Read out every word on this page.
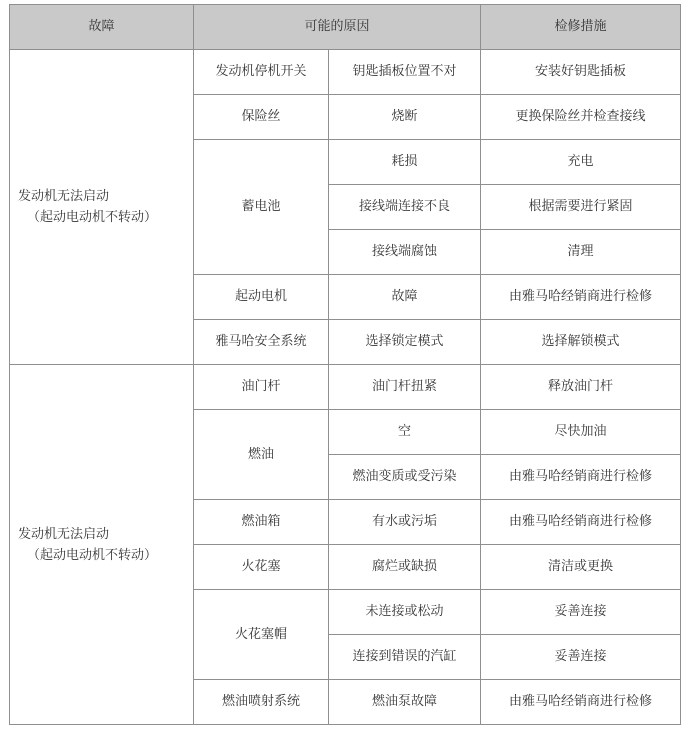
故障	可能的原因		检修措施
发动机无法启动
（起动电动机不转动）	发动机停机开关	钥匙插板位置不对	安装好钥匙插板
	保险丝	烧断	更换保险丝并检查接线
	蓄电池	耗损	充电
		接线端连接不良	根据需要进行紧固
		接线端腐蚀	清理
	起动电机	故障	由雅马哈经销商进行检修
	雅马哈安全系统	选择锁定模式	选择解锁模式
发动机无法启动
（起动电动机不转动）	油门杆	油门杆扭紧	释放油门杆
	燃油	空	尽快加油
		燃油变质或受污染	由雅马哈经销商进行检修
	燃油箱	有水或污垢	由雅马哈经销商进行检修
	火花塞	腐烂或缺损	清洁或更换
	火花塞帽	未连接或松动	妥善连接
		连接到错误的汽缸	妥善连接
	燃油喷射系统	燃油泵故障	由雅马哈经销商进行检修
